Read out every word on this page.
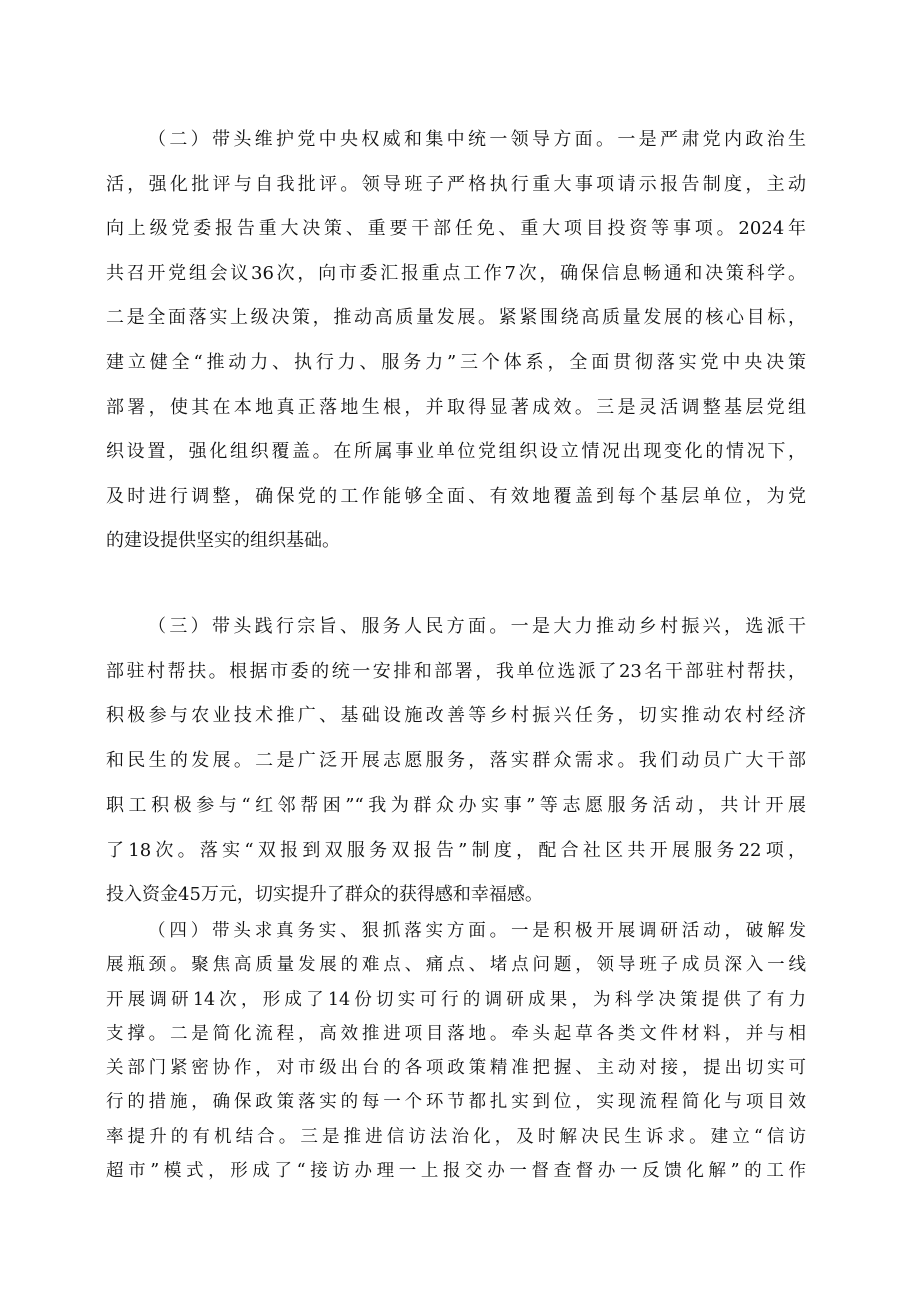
（二）带头维护党中央权威和集中统一领导方面。一是严肃党内政治生
活，强化批评与自我批评。领导班子严格执行重大事项请示报告制度，主动
向上级党委报告重大决策、重要干部任免、重大项目投资等事项。2024年
共召开党组会议36次，向市委汇报重点工作7次，确保信息畅通和决策科学。
二是全面落实上级决策，推动高质量发展。紧紧围绕高质量发展的核心目标，
建立健全“推动力、执行力、服务力”三个体系，全面贯彻落实党中央决策
部署，使其在本地真正落地生根，并取得显著成效。三是灵活调整基层党组
织设置，强化组织覆盖。在所属事业单位党组织设立情况出现变化的情况下，
及时进行调整，确保党的工作能够全面、有效地覆盖到每个基层单位，为党
的建设提供坚实的组织基础。
（三）带头践行宗旨、服务人民方面。一是大力推动乡村振兴，选派干
部驻村帮扶。根据市委的统一安排和部署，我单位选派了23名干部驻村帮扶，
积极参与农业技术推广、基础设施改善等乡村振兴任务，切实推动农村经济
和民生的发展。二是广泛开展志愿服务，落实群众需求。我们动员广大干部
职工积极参与“红邻帮困”“我为群众办实事”等志愿服务活动，共计开展
了18次。落实“双报到双服务双报告”制度，配合社区共开展服务22项，
投入资金45万元，切实提升了群众的获得感和幸福感。
（四）带头求真务实、狠抓落实方面。一是积极开展调研活动，破解发
展瓶颈。聚焦高质量发展的难点、痛点、堵点问题，领导班子成员深入一线
开展调研14次，形成了14份切实可行的调研成果，为科学决策提供了有力
支撑。二是简化流程，高效推进项目落地。牵头起草各类文件材料，并与相
关部门紧密协作，对市级出台的各项政策精准把握、主动对接，提出切实可
行的措施，确保政策落实的每一个环节都扎实到位，实现流程简化与项目效
率提升的有机结合。三是推进信访法治化，及时解决民生诉求。建立“信访
超市”模式，形成了“接访办理一上报交办一督查督办一反馈化解”的工作
